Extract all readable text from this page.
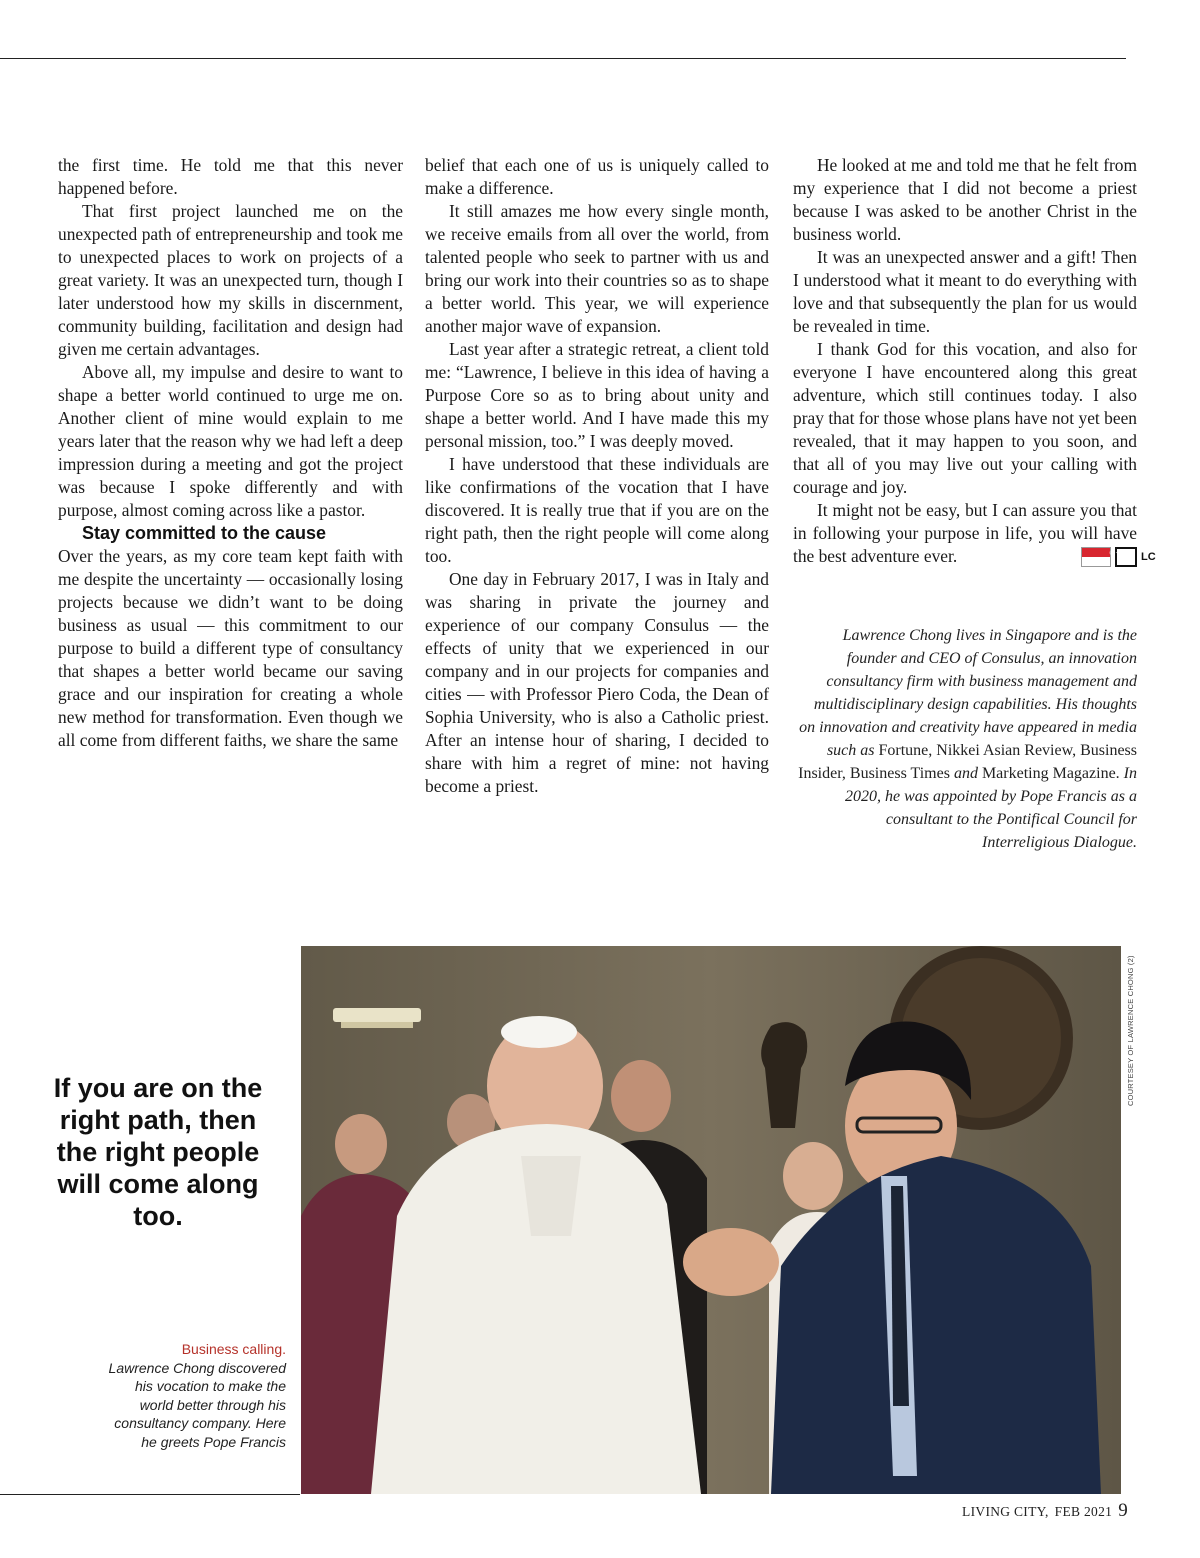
the first time. He told me that this never happened before.

That first project launched me on the unexpected path of entrepreneurship and took me to unexpected places to work on projects of a great variety. It was an unexpected turn, though I later understood how my skills in discernment, community building, facilitation and design had given me certain advantages.

Above all, my impulse and desire to want to shape a better world continued to urge me on. Another client of mine would explain to me years later that the reason why we had left a deep impression during a meeting and got the project was because I spoke differently and with purpose, almost coming across like a pastor.

Stay committed to the cause

Over the years, as my core team kept faith with me despite the uncertainty — occasionally losing projects because we didn’t want to be doing business as usual — this commitment to our purpose to build a different type of consultancy that shapes a better world became our saving grace and our inspiration for creating a whole new method for transformation. Even though we all come from different faiths, we share the same

belief that each one of us is uniquely called to make a difference.

It still amazes me how every single month, we receive emails from all over the world, from talented people who seek to partner with us and bring our work into their countries so as to shape a better world. This year, we will experience another major wave of expansion.

Last year after a strategic retreat, a client told me: “Lawrence, I believe in this idea of having a Purpose Core so as to bring about unity and shape a better world. And I have made this my personal mission, too.” I was deeply moved.

I have understood that these individuals are like confirmations of the vocation that I have discovered. It is really true that if you are on the right path, then the right people will come along too.

One day in February 2017, I was in Italy and was sharing in private the journey and experience of our company Consulus — the effects of unity that we experienced in our company and in our projects for companies and cities — with Professor Piero Coda, the Dean of Sophia University, who is also a Catholic priest. After an intense hour of sharing, I decided to share with him a regret of mine: not having become a priest.

He looked at me and told me that he felt from my experience that I did not become a priest because I was asked to be another Christ in the business world.

It was an unexpected answer and a gift! Then I understood what it meant to do everything with love and that subsequently the plan for us would be revealed in time.

I thank God for this vocation, and also for everyone I have encountered along this great adventure, which still continues today. I also pray that for those whose plans have not yet been revealed, that it may happen to you soon, and that all of you may live out your calling with courage and joy.

It might not be easy, but I can assure you that in following your purpose in life, you will have the best adventure ever.	☾✦	LC

Lawrence Chong lives in Singapore and is the founder and CEO of Consulus, an innovation consultancy firm with business management and multidisciplinary design capabilities. His thoughts on innovation and creativity have appeared in media such as Fortune, Nikkei Asian Review, Business Insider, Business Times and Marketing Magazine. In 2020, he was appointed by Pope Francis as a consultant to the Pontifical Council for Interreligious Dialogue.
COURTESEY OF LAWRENCE CHONG (2)
If you are on the right path, then the right people will come along too.
Business calling.
Lawrence Chong discovered his vocation to make the world better through his consultancy company. Here he greets Pope Francis
LIVING CITY, FEB 2021 9
